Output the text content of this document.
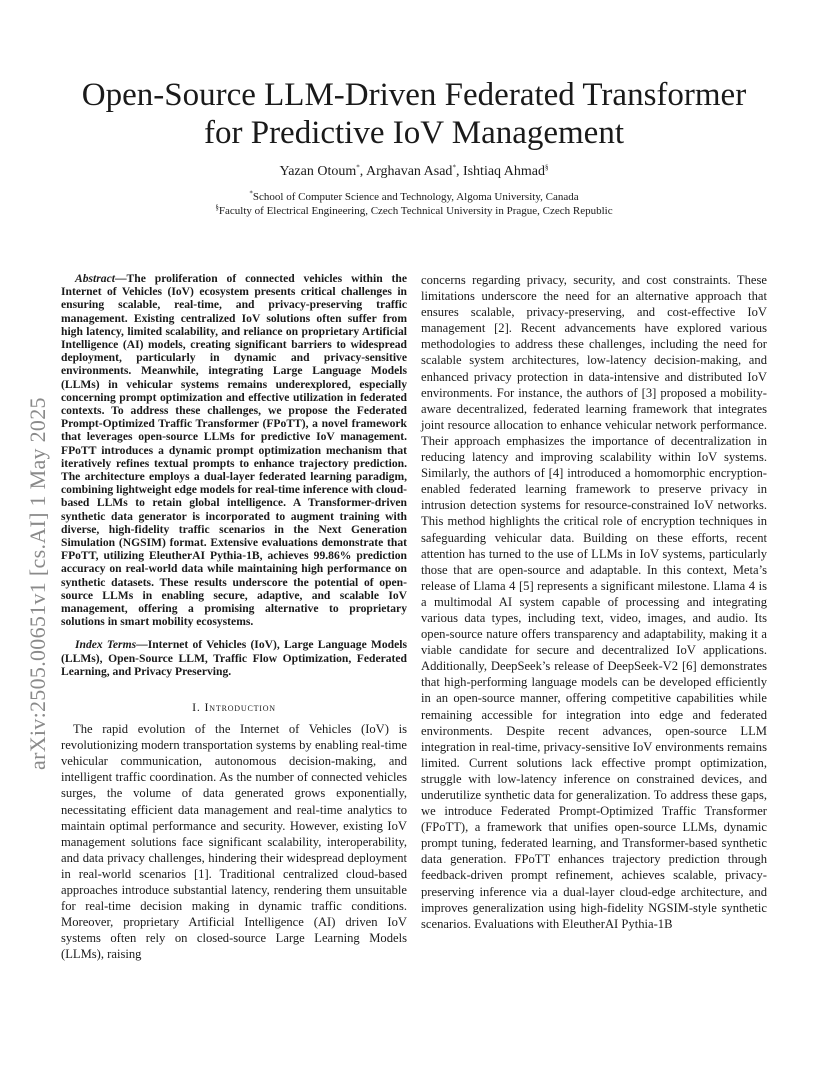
arXiv:2505.00651v1 [cs.AI] 1 May 2025
Open-Source LLM-Driven Federated Transformer
for Predictive IoV Management
Yazan Otoum*, Arghavan Asad*, Ishtiaq Ahmad§
*School of Computer Science and Technology, Algoma University, Canada
§Faculty of Electrical Engineering, Czech Technical University in Prague, Czech Republic

Abstract—The proliferation of connected vehicles within the Internet of Vehicles (IoV) ecosystem presents critical challenges in ensuring scalable, real-time, and privacy-preserving traffic management. Existing centralized IoV solutions often suffer from high latency, limited scalability, and reliance on proprietary Artificial Intelligence (AI) models, creating significant barriers to widespread deployment, particularly in dynamic and privacy-sensitive environments. Meanwhile, integrating Large Language Models (LLMs) in vehicular systems remains underexplored, especially concerning prompt optimization and effective utilization in federated contexts. To address these challenges, we propose the Federated Prompt-Optimized Traffic Transformer (FPoTT), a novel framework that leverages open-source LLMs for predictive IoV management. FPoTT introduces a dynamic prompt optimization mechanism that iteratively refines textual prompts to enhance trajectory prediction. The architecture employs a dual-layer federated learning paradigm, combining lightweight edge models for real-time inference with cloud-based LLMs to retain global intelligence. A Transformer-driven synthetic data generator is incorporated to augment training with diverse, high-fidelity traffic scenarios in the Next Generation Simulation (NGSIM) format. Extensive evaluations demonstrate that FPoTT, utilizing EleutherAI Pythia-1B, achieves 99.86% prediction accuracy on real-world data while maintaining high performance on synthetic datasets. These results underscore the potential of open-source LLMs in enabling secure, adaptive, and scalable IoV management, offering a promising alternative to proprietary solutions in smart mobility ecosystems.

Index Terms—Internet of Vehicles (IoV), Large Language Models (LLMs), Open-Source LLM, Traffic Flow Optimization, Federated Learning, and Privacy Preserving.

I. Introduction

The rapid evolution of the Internet of Vehicles (IoV) is revolutionizing modern transportation systems by enabling real-time vehicular communication, autonomous decision-making, and intelligent traffic coordination. As the number of connected vehicles surges, the volume of data generated grows exponentially, necessitating efficient data management and real-time analytics to maintain optimal performance and security. However, existing IoV management solutions face significant scalability, interoperability, and data privacy challenges, hindering their widespread deployment in real-world scenarios [1]. Traditional centralized cloud-based approaches introduce substantial latency, rendering them unsuitable for real-time decision making in dynamic traffic conditions. Moreover, proprietary Artificial Intelligence (AI) driven IoV systems often rely on closed-source Large Learning Models (LLMs), raising

concerns regarding privacy, security, and cost constraints. These limitations underscore the need for an alternative approach that ensures scalable, privacy-preserving, and cost-effective IoV management [2]. Recent advancements have explored various methodologies to address these challenges, including the need for scalable system architectures, low-latency decision-making, and enhanced privacy protection in data-intensive and distributed IoV environments. For instance, the authors of [3] proposed a mobility-aware decentralized, federated learning framework that integrates joint resource allocation to enhance vehicular network performance. Their approach emphasizes the importance of decentralization in reducing latency and improving scalability within IoV systems. Similarly, the authors of [4] introduced a homomorphic encryption-enabled federated learning framework to preserve privacy in intrusion detection systems for resource-constrained IoV networks. This method highlights the critical role of encryption techniques in safeguarding vehicular data. Building on these efforts, recent attention has turned to the use of LLMs in IoV systems, particularly those that are open-source and adaptable. In this context, Meta’s release of Llama 4 [5] represents a significant milestone. Llama 4 is a multimodal AI system capable of processing and integrating various data types, including text, video, images, and audio. Its open-source nature offers transparency and adaptability, making it a viable candidate for secure and decentralized IoV applications. Additionally, DeepSeek’s release of DeepSeek-V2 [6] demonstrates that high-performing language models can be developed efficiently in an open-source manner, offering competitive capabilities while remaining accessible for integration into edge and federated environments. Despite recent advances, open-source LLM integration in real-time, privacy-sensitive IoV environments remains limited. Current solutions lack effective prompt optimization, struggle with low-latency inference on constrained devices, and underutilize synthetic data for generalization. To address these gaps, we introduce Federated Prompt-Optimized Traffic Transformer (FPoTT), a framework that unifies open-source LLMs, dynamic prompt tuning, federated learning, and Transformer-based synthetic data generation. FPoTT enhances trajectory prediction through feedback-driven prompt refinement, achieves scalable, privacy-preserving inference via a dual-layer cloud-edge architecture, and improves generalization using high-fidelity NGSIM-style synthetic scenarios. Evaluations with EleutherAI Pythia-1B
